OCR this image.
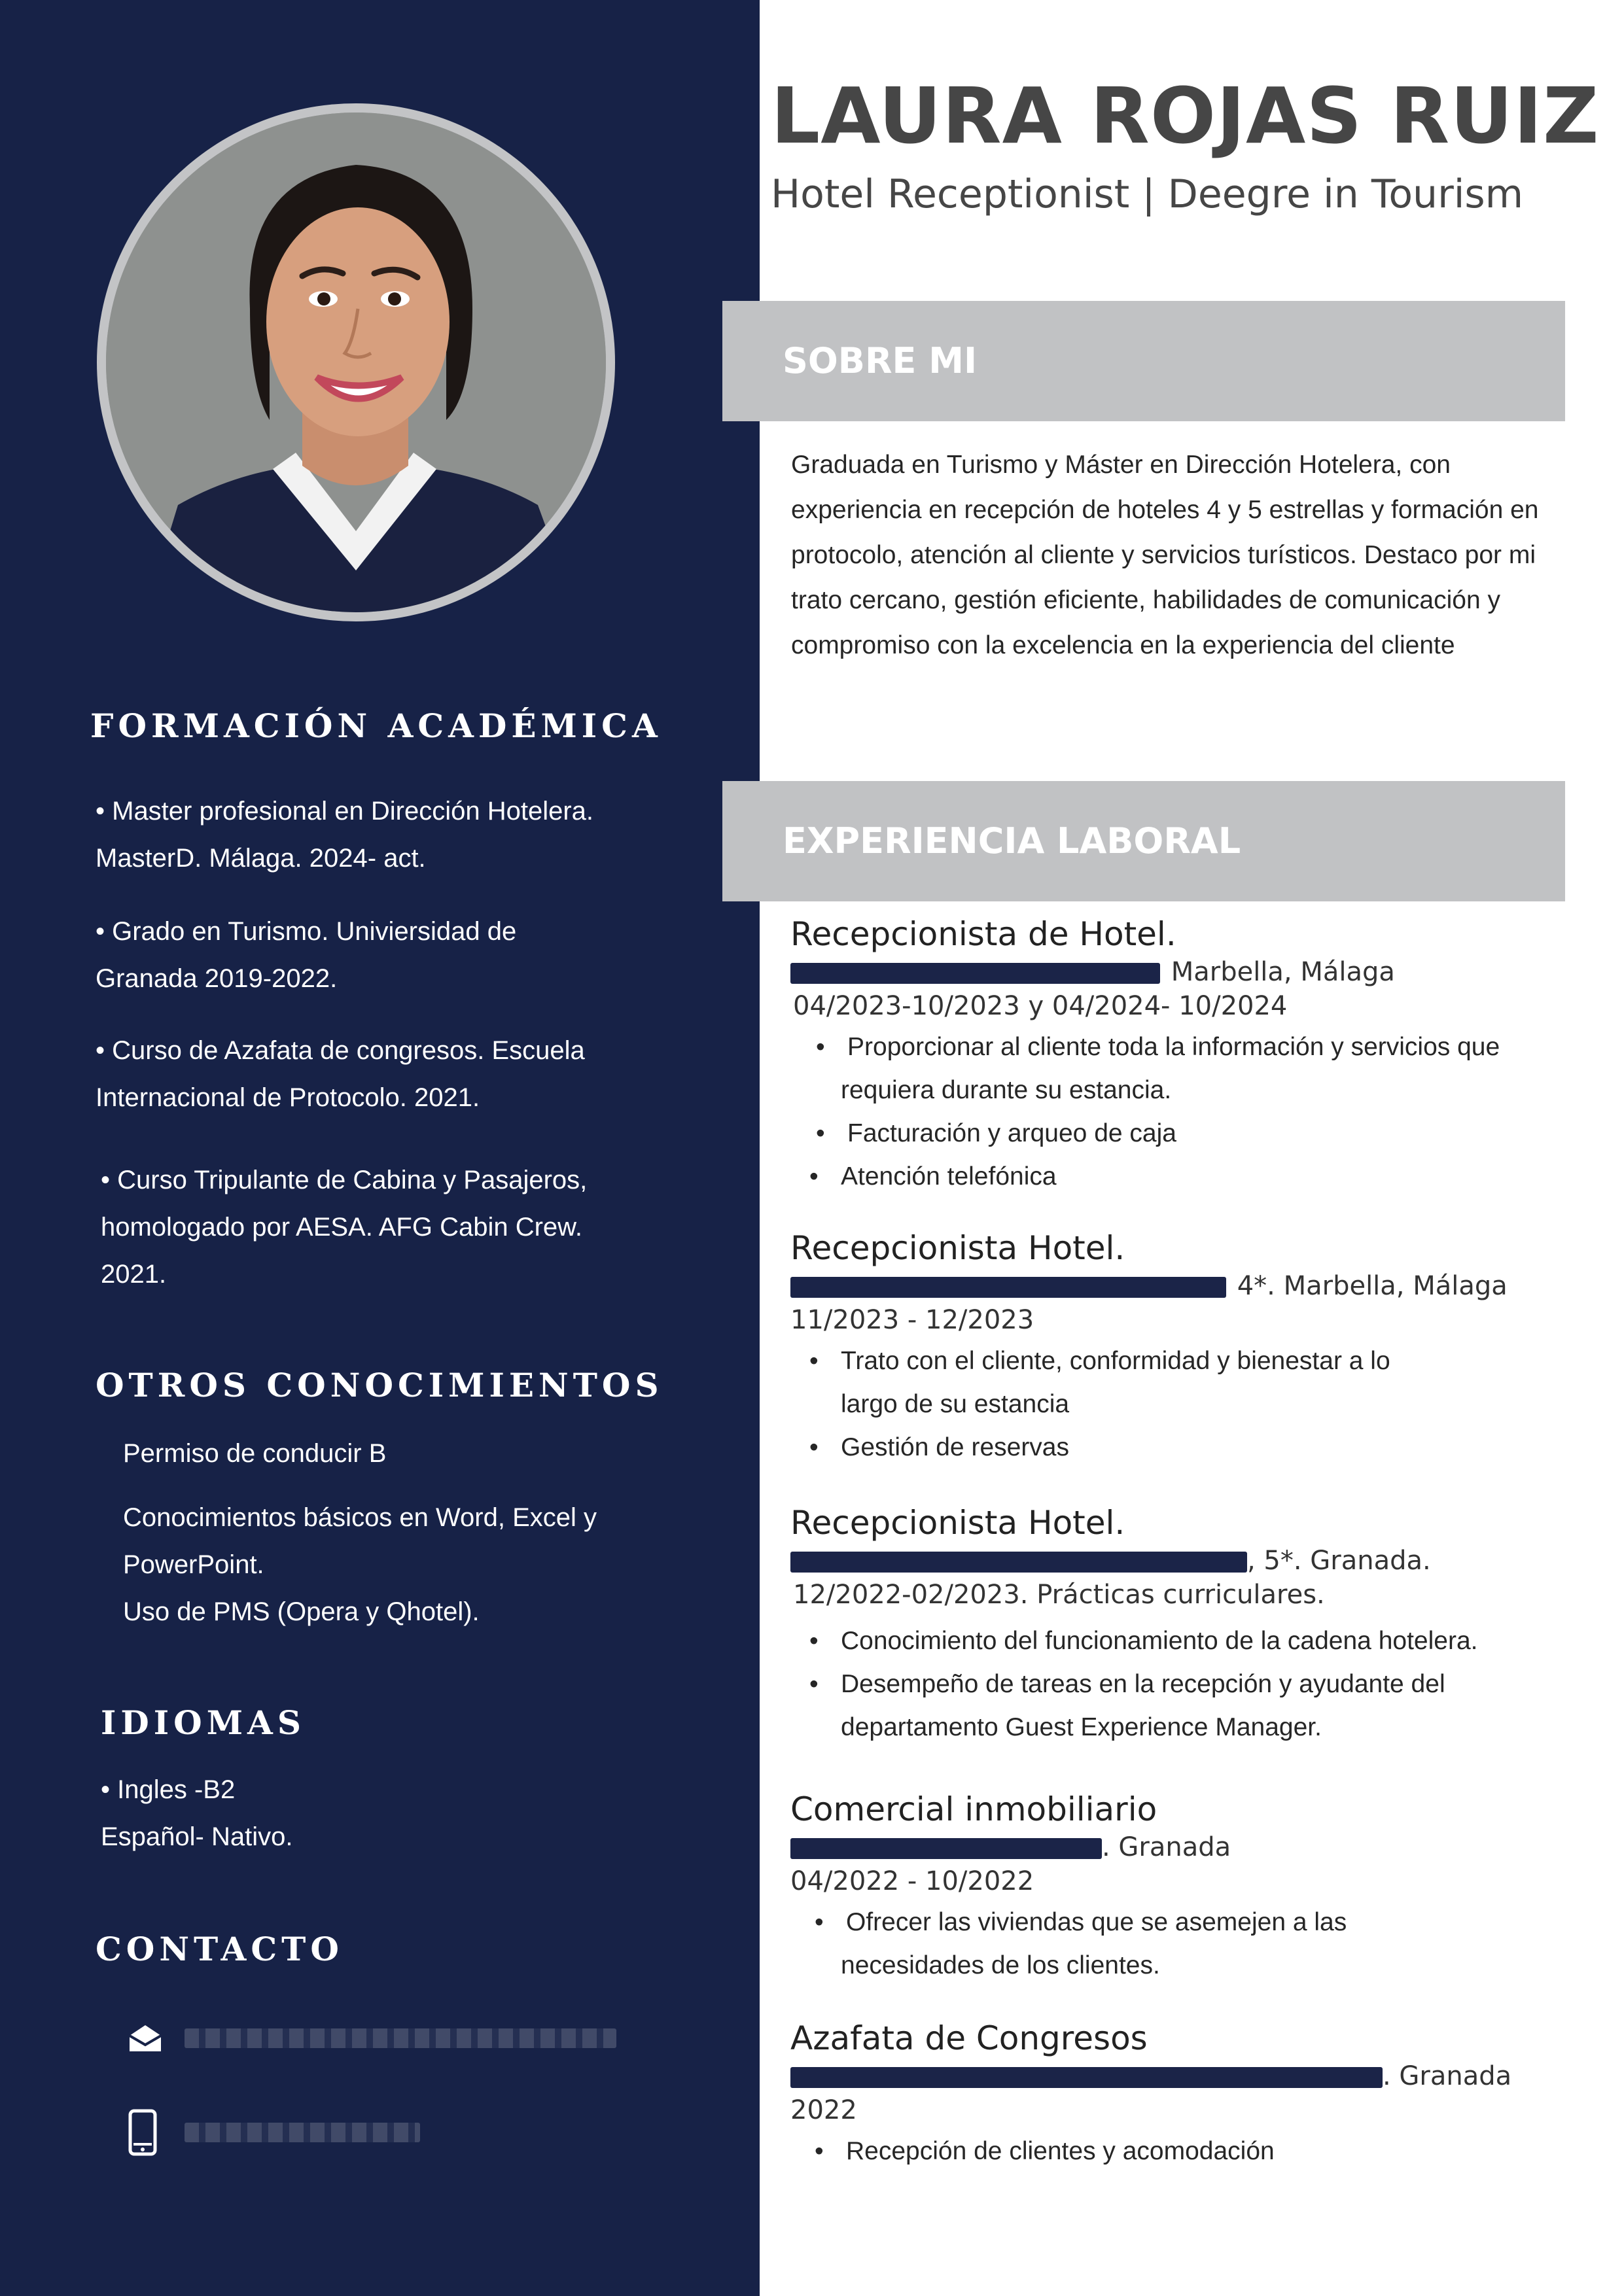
FORMACIÓN ACADÉMICA

• Master profesional en Dirección Hotelera.

MasterD. Málaga. 2024- act.

• Grado en Turismo. Univiersidad de

Granada 2019-2022.

• Curso de Azafata de congresos. Escuela

Internacional de Protocolo. 2021.

• Curso Tripulante de Cabina y Pasajeros,

homologado por AESA. AFG Cabin Crew.

2021.

OTROS CONOCIMIENTOS

Permiso de conducir B

Conocimientos básicos en Word, Excel y

PowerPoint.

Uso de PMS (Opera y Qhotel).

IDIOMAS

• Ingles -B2

Español- Nativo.

CONTACTO
LAURA ROJAS RUIZ

Hotel Receptionist | Deegre in Tourism

SOBRE MI

Graduada en Turismo y Máster en Dirección Hotelera, con experiencia en recepción de hoteles 4 y 5 estrellas y formación en protocolo, atención al cliente y servicios turísticos. Destaco por mi trato cercano, gestión eficiente, habilidades de comunicación y compromiso con la excelencia en la experiencia del cliente

EXPERIENCIA LABORAL

Recepcionista de Hotel.

Marbella, Málaga

04/2023-10/2023 y 04/2024- 10/2024

• Proporcionar al cliente toda la información y servicios que requiera durante su estancia.
• Facturación y arqueo de caja
• Atención telefónica

Recepcionista Hotel.

4*. Marbella, Málaga

11/2023 - 12/2023

• Trato con el cliente, conformidad y bienestar a lo largo de su estancia
• Gestión de reservas

Recepcionista Hotel.

, 5*. Granada.

12/2022-02/2023. Prácticas curriculares.

• Conocimiento del funcionamiento de la cadena hotelera.
• Desempeño de tareas en la recepción y ayudante del departamento Guest Experience Manager.

Comercial inmobiliario

. Granada

04/2022 - 10/2022

• Ofrecer las viviendas que se asemejen a las necesidades de los clientes.

Azafata de Congresos

. Granada

2022

• Recepción de clientes y acomodación
